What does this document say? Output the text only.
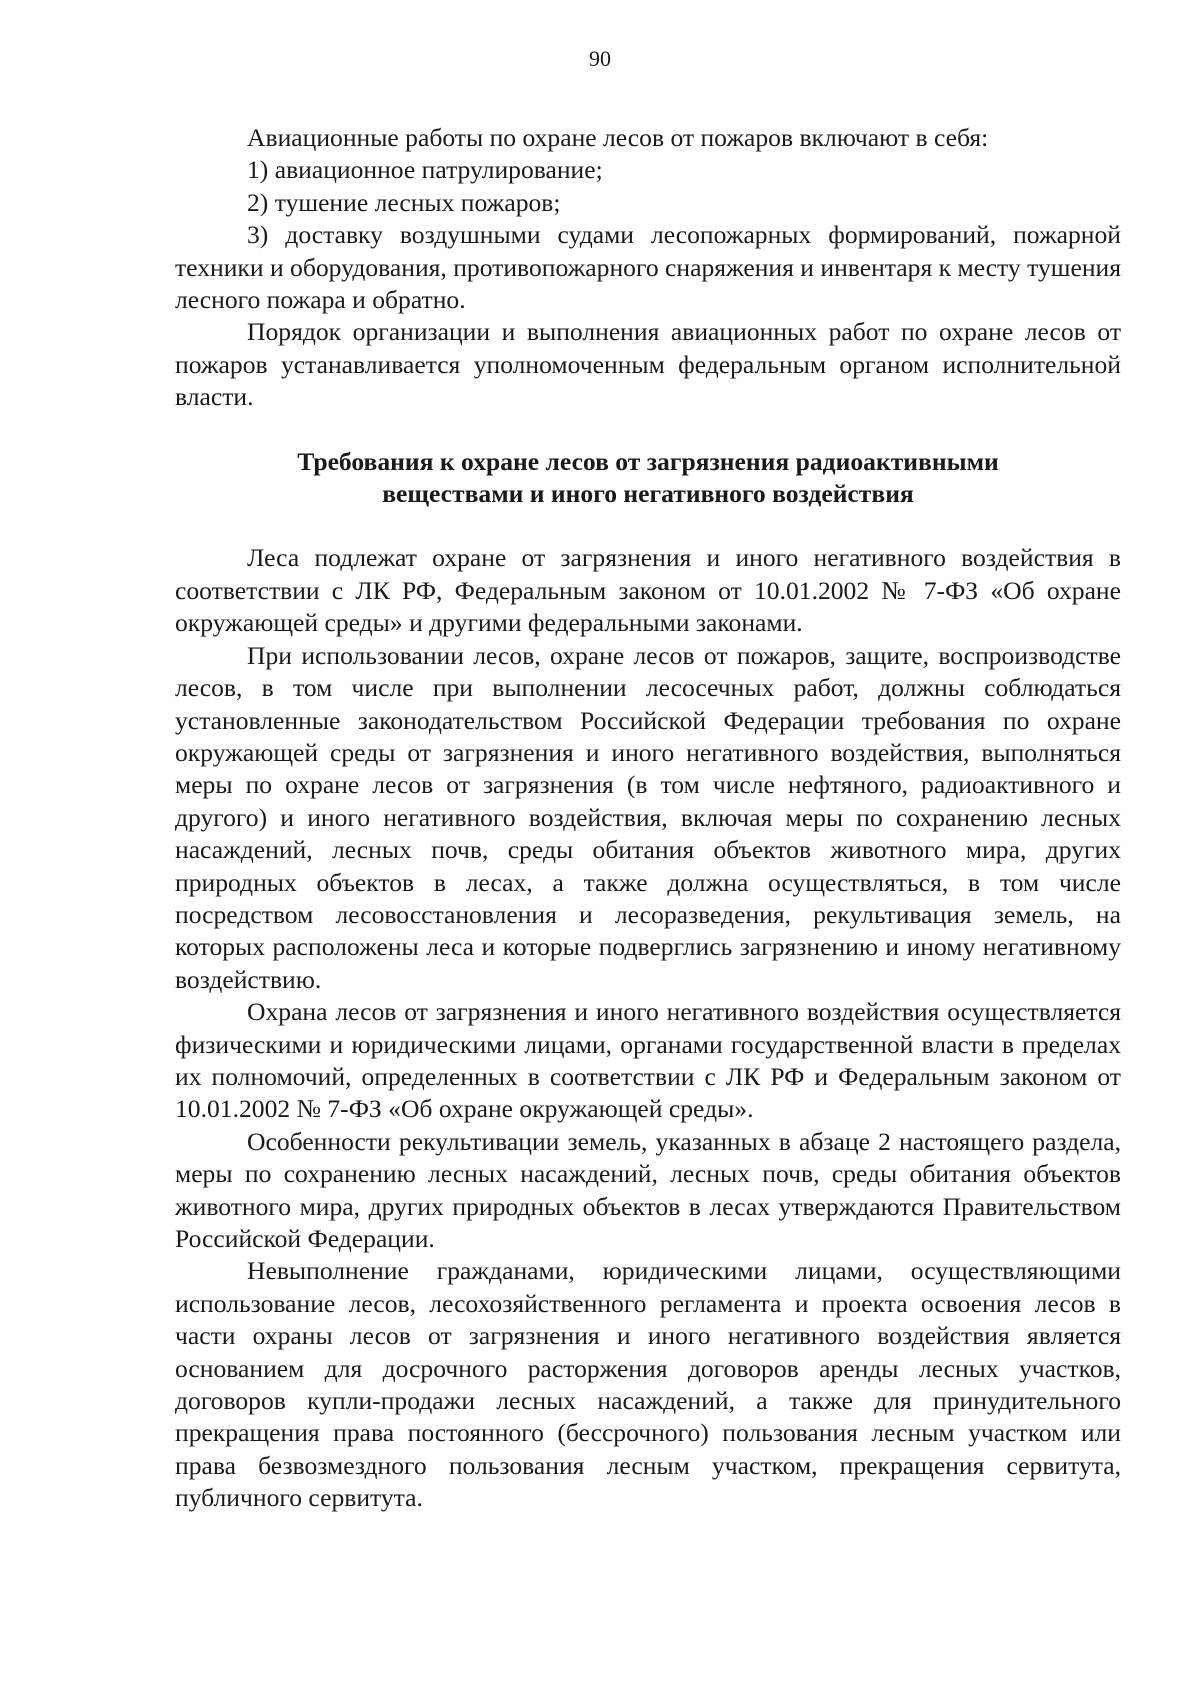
90

Авиационные работы по охране лесов от пожаров включают в себя:

1) авиационное патрулирование;

2) тушение лесных пожаров;

3) доставку воздушными судами лесопожарных формирований, пожарной техники и оборудования, противопожарного снаряжения и инвентаря к месту тушения лесного пожара и обратно.

Порядок организации и выполнения авиационных работ по охране лесов от пожаров устанавливается уполномоченным федеральным органом исполнительной власти.

Требования к охране лесов от загрязнения радиоактивными
веществами и иного негативного воздействия

Леса подлежат охране от загрязнения и иного негативного воздействия в соответствии с ЛК РФ, Федеральным законом от 10.01.2002 № 7-ФЗ «Об охране окружающей среды» и другими федеральными законами.

При использовании лесов, охране лесов от пожаров, защите, воспроизводстве лесов, в том числе при выполнении лесосечных работ, должны соблюдаться установленные законодательством Российской Федерации требования по охране окружающей среды от загрязнения и иного негативного воздействия, выполняться меры по охране лесов от загрязнения (в том числе нефтяного, радиоактивного и другого) и иного негативного воздействия, включая меры по сохранению лесных насаждений, лесных почв, среды обитания объектов животного мира, других природных объектов в лесах, а также должна осуществляться, в том числе посредством лесовосстановления и лесоразведения, рекультивация земель, на которых расположены леса и которые подверглись загрязнению и иному негативному воздействию.

Охрана лесов от загрязнения и иного негативного воздействия осуществляется физическими и юридическими лицами, органами государственной власти в пределах их полномочий, определенных в соответствии с ЛК РФ и Федеральным законом от 10.01.2002 № 7-ФЗ «Об охране окружающей среды».

Особенности рекультивации земель, указанных в абзаце 2 настоящего раздела, меры по сохранению лесных насаждений, лесных почв, среды обитания объектов животного мира, других природных объектов в лесах утверждаются Правительством Российской Федерации.

Невыполнение гражданами, юридическими лицами, осуществляющими использование лесов, лесохозяйственного регламента и проекта освоения лесов в части охраны лесов от загрязнения и иного негативного воздействия является основанием для досрочного расторжения договоров аренды лесных участков, договоров купли-продажи лесных насаждений, а также для принудительного прекращения права постоянного (бессрочного) пользования лесным участком или права безвозмездного пользования лесным участком, прекращения сервитута, публичного сервитута.
